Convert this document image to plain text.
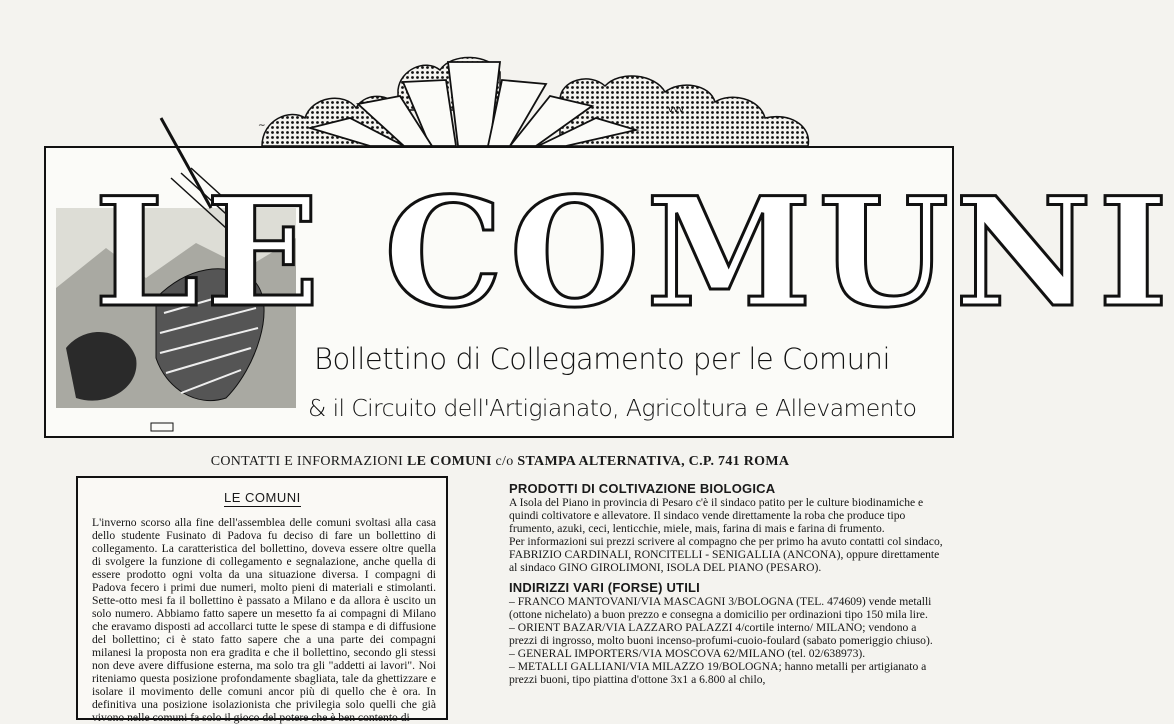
~
vvv
LE COMUNI
Bollettino di Collegamento per le Comuni
& il Circuito dell'Artigianato, Agricoltura e Allevamento
CONTATTI E INFORMAZIONI LE COMUNI c/o STAMPA ALTERNATIVA, C.P. 741 ROMA
LE COMUNI
L'inverno scorso alla fine dell'assemblea delle comuni svoltasi alla casa dello studente Fusinato di Padova fu deciso di fare un bollettino di collegamento. La caratteristica del bollettino, doveva essere oltre quella di svolgere la funzione di collegamento e segnalazione, anche quella di essere prodotto ogni volta da una situazione diversa. I compagni di Padova fecero i primi due numeri, molto pieni di materiali e stimolanti. Sette-otto mesi fa il bollettino è passato a Milano e da allora è uscito un solo numero. Abbiamo fatto sapere un mesetto fa ai compagni di Milano che eravamo disposti ad accollarci tutte le spese di stampa e di diffusione del bollettino; ci è stato fatto sapere che a una parte dei compagni milanesi la proposta non era gradita e che il bollettino, secondo gli stessi non deve avere diffusione esterna, ma solo tra gli "addetti ai lavori". Noi riteniamo questa posizione profondamente sbagliata, tale da ghettizzare e isolare il movimento delle comuni ancor più di quello che è ora. In definitiva una posizione isolazionista che privilegia solo quelli che già vivono nelle comuni fa solo il gioco del potere che è ben contento di

PRODOTTI DI COLTIVAZIONE BIOLOGICA

A Isola del Piano in provincia di Pesaro c'è il sindaco patito per le culture biodinamiche e quindi coltivatore e allevatore. Il sindaco vende direttamente la roba che produce tipo frumento, azuki, ceci, lenticchie, miele, mais, farina di mais e farina di frumento.

Per informazioni sui prezzi scrivere al compagno che per primo ha avuto contatti col sindaco, FABRIZIO CARDINALI, RONCITELLI - SENIGALLIA (ANCONA), oppure direttamente al sindaco GINO GIROLIMONI, ISOLA DEL PIANO (PESARO).

INDIRIZZI VARI (FORSE) UTILI

– FRANCO MANTOVANI/VIA MASCAGNI 3/BOLOGNA (TEL. 474609) vende metalli (ottone nichelato) a buon prezzo e consegna a domicilio per ordinazioni tipo 150 mila lire.

– ORIENT BAZAR/VIA LAZZARO PALAZZI 4/cortile interno/ MILANO; vendono a prezzi di ingrosso, molto buoni incenso-profumi-cuoio-foulard (sabato pomeriggio chiuso).

– GENERAL IMPORTERS/VIA MOSCOVA 62/MILANO (tel. 02/638973).

– METALLI GALLIANI/VIA MILAZZO 19/BOLOGNA; hanno metalli per artigianato a prezzi buoni, tipo piattina d'ottone 3x1 a 6.800 al chilo,
